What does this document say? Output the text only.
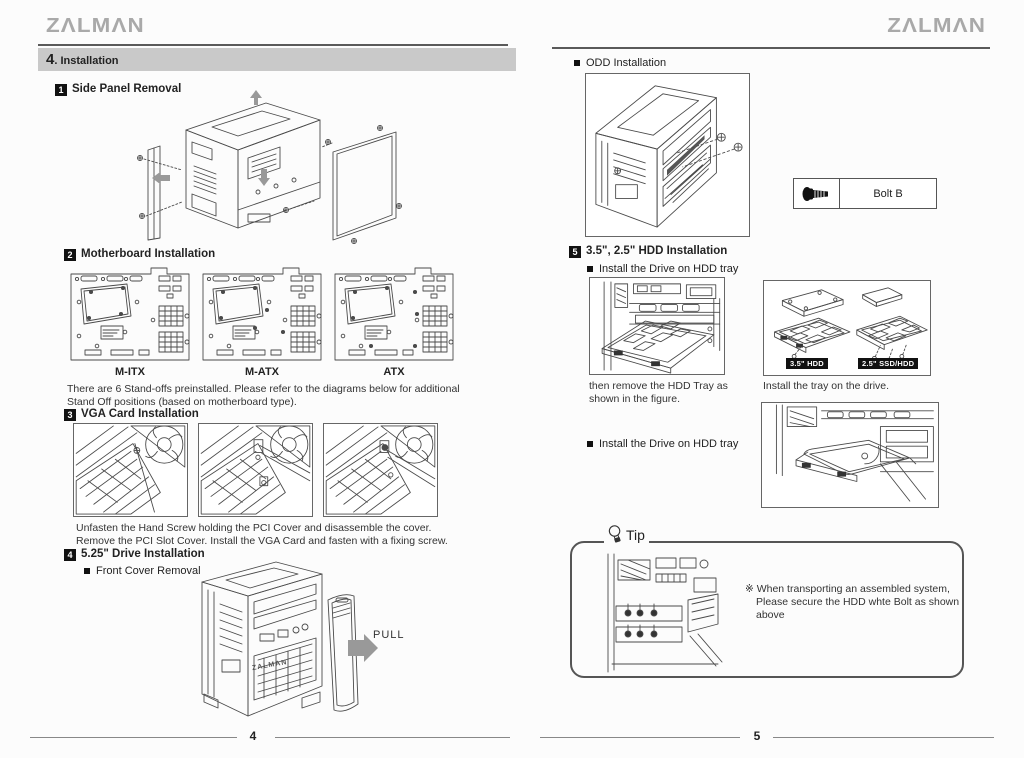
ZΛLMΛN
4. Installation
1 Side Panel Removal
2 Motherboard Installation
M-ITX	M-ATX	ATX
There are 6 Stand-offs preinstalled. Please refer to the diagrams below for additional
Stand Off positions (based on motherboard type).
3 VGA Card Installation
Unfasten the Hand Screw holding the PCI Cover and disassemble the cover.
Remove the PCI Slot Cover. Install the VGA Card and fasten with a fixing screw.
4 5.25" Drive Installation
Front Cover Removal
ZALMAN
PULL
4
ZΛLMΛN
ODD Installation
Bolt B
5 3.5", 2.5" HDD Installation
Install the Drive on HDD tray
then remove the HDD Tray as
shown in the figure.
3.5" HDD	2.5" SSD/HDD
Install the tray on the drive.
Install the Drive on HDD tray
Tip
※ When transporting an assembled system,
Please secure the HDD whte Bolt as shown
above
5
